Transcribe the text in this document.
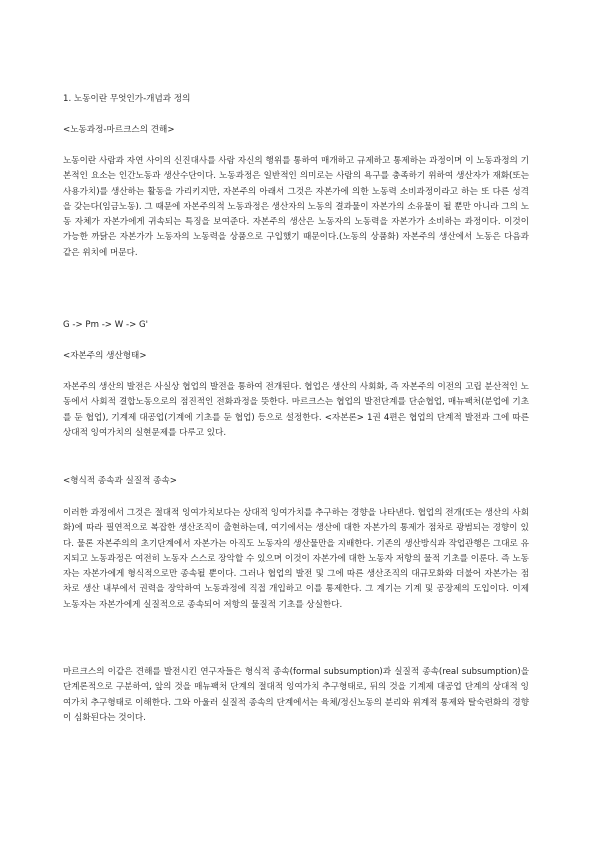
1. 노동이란 무엇인가-개념과 정의

<노동과정-마르크스의 견해>

노동이란 사람과 자연 사이의 신진대사를 사람 자신의 행위를 통하여 매개하고 규제하고 통제하는 과정이며 이 노동과정의 기본적인 요소는 인간노동과 생산수단이다. 노동과정은 일반적인 의미로는 사람의 욕구를 충족하기 위하여 생산자가 재화(또는 사용가치)를 생산하는 활동을 가리키지만, 자본주의 아래서 그것은 자본가에 의한 노동력 소비과정이라고 하는 또 다른 성격을 갖는다(임금노동). 그 때문에 자본주의적 노동과정은 생산자의 노동의 결과물이 자본가의 소유물이 될 뿐만 아니라 그의 노동 자체가 자본가에게 귀속되는 특징을 보여준다. 자본주의 생산은 노동자의 노동력을 자본가가 소비하는 과정이다. 이것이 가능한 까닭은 자본가가 노동자의 노동력을 상품으로 구입했기 때문이다.(노동의 상품화) 자본주의 생산에서 노동은 다음과 같은 위치에 머문다.

G -> Pm -> W -> G'

<자본주의 생산형태>

자본주의 생산의 발전은 사실상 협업의 발전을 통하여 전개된다. 협업은 생산의 사회화, 즉 자본주의 이전의 고립 분산적인 노동에서 사회적 결합노동으로의 점진적인 전화과정을 뜻한다. 마르크스는 협업의 발전단계를 단순협업, 매뉴팩처(분업에 기초를 둔 협업), 기계제 대공업(기계에 기초를 둔 협업) 등으로 설정한다. <자본론> 1권 4편은 협업의 단계적 발전과 그에 따른 상대적 잉여가치의 실현문제를 다루고 있다.

<형식적 종속과 실질적 종속>

이러한 과정에서 그것은 절대적 잉여가치보다는 상대적 잉여가치를 추구하는 경향을 나타낸다. 협업의 전개(또는 생산의 사회화)에 따라 필연적으로 복잡한 생산조직이 출현하는데, 여기에서는 생산에 대한 자본가의 통제가 점차로 광범되는 경향이 있다. 물론 자본주의의 초기단계에서 자본가는 아직도 노동자의 생산물만을 지배한다. 기존의 생산방식과 작업관행은 그대로 유지되고 노동과정은 여전히 노동자 스스로 장악할 수 있으며 이것이 자본가에 대한 노동자 저항의 물적 기초를 이룬다. 즉 노동자는 자본가에게 형식적으로만 종속될 뿐이다. 그러나 협업의 발전 및 그에 따른 생산조직의 대규모화와 더불어 자본가는 점차로 생산 내부에서 권력을 장악하여 노동과정에 직접 개입하고 이를 통제한다. 그 계기는 기계 및 공장제의 도입이다. 이제 노동자는 자본가에게 실질적으로 종속되어 저항의 물질적 기초를 상실한다.

마르크스의 이같은 견해를 발전시킨 연구자들은 형식적 종속(formal subsumption)과 실질적 종속(real subsumption)을 단계론적으로 구분하여, 앞의 것을 매뉴팩처 단계의 절대적 잉여가치 추구형태로, 뒤의 것을 기계제 대공업 단계의 상대적 잉여가치 추구형태로 이해한다. 그와 아울러 실질적 종속의 단계에서는 육체/정신노동의 분리와 위계적 통제와 탈숙련화의 경향이 심화된다는 것이다.
